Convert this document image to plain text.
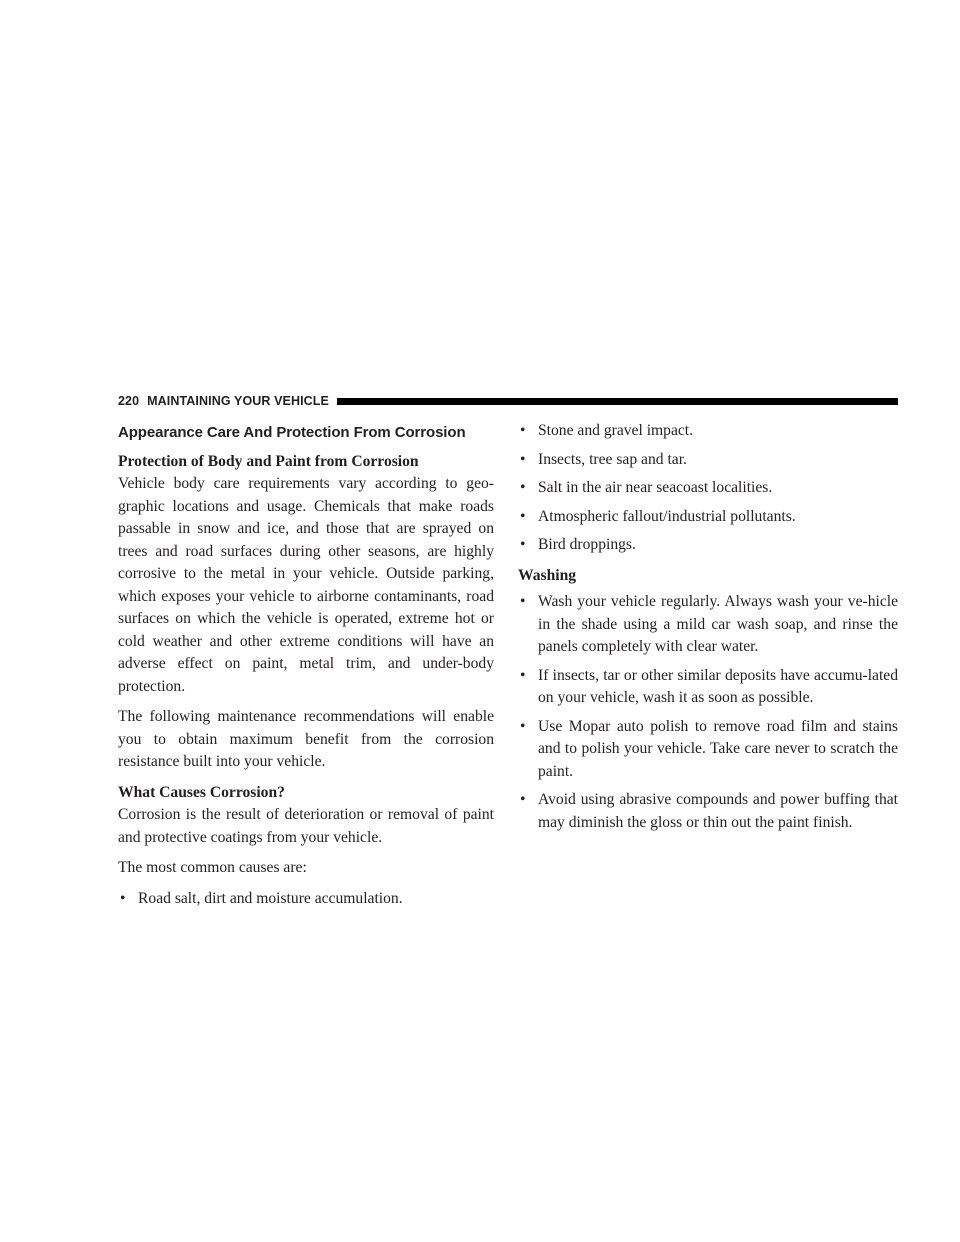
220 MAINTAINING YOUR VEHICLE
Appearance Care And Protection From Corrosion
Protection of Body and Paint from Corrosion

Vehicle body care requirements vary according to geo-graphic locations and usage. Chemicals that make roads passable in snow and ice, and those that are sprayed on trees and road surfaces during other seasons, are highly corrosive to the metal in your vehicle. Outside parking, which exposes your vehicle to airborne contaminants, road surfaces on which the vehicle is operated, extreme hot or cold weather and other extreme conditions will have an adverse effect on paint, metal trim, and under-body protection.

The following maintenance recommendations will enable you to obtain maximum benefit from the corrosion resistance built into your vehicle.

What Causes Corrosion?

Corrosion is the result of deterioration or removal of paint and protective coatings from your vehicle.

The most common causes are:

• Road salt, dirt and moisture accumulation.
• Stone and gravel impact.
• Insects, tree sap and tar.
• Salt in the air near seacoast localities.
• Atmospheric fallout/industrial pollutants.
• Bird droppings.
Washing
• Wash your vehicle regularly. Always wash your ve-hicle in the shade using a mild car wash soap, and rinse the panels completely with clear water.
• If insects, tar or other similar deposits have accumu-lated on your vehicle, wash it as soon as possible.
• Use Mopar auto polish to remove road film and stains and to polish your vehicle. Take care never to scratch the paint.
• Avoid using abrasive compounds and power buffing that may diminish the gloss or thin out the paint finish.
